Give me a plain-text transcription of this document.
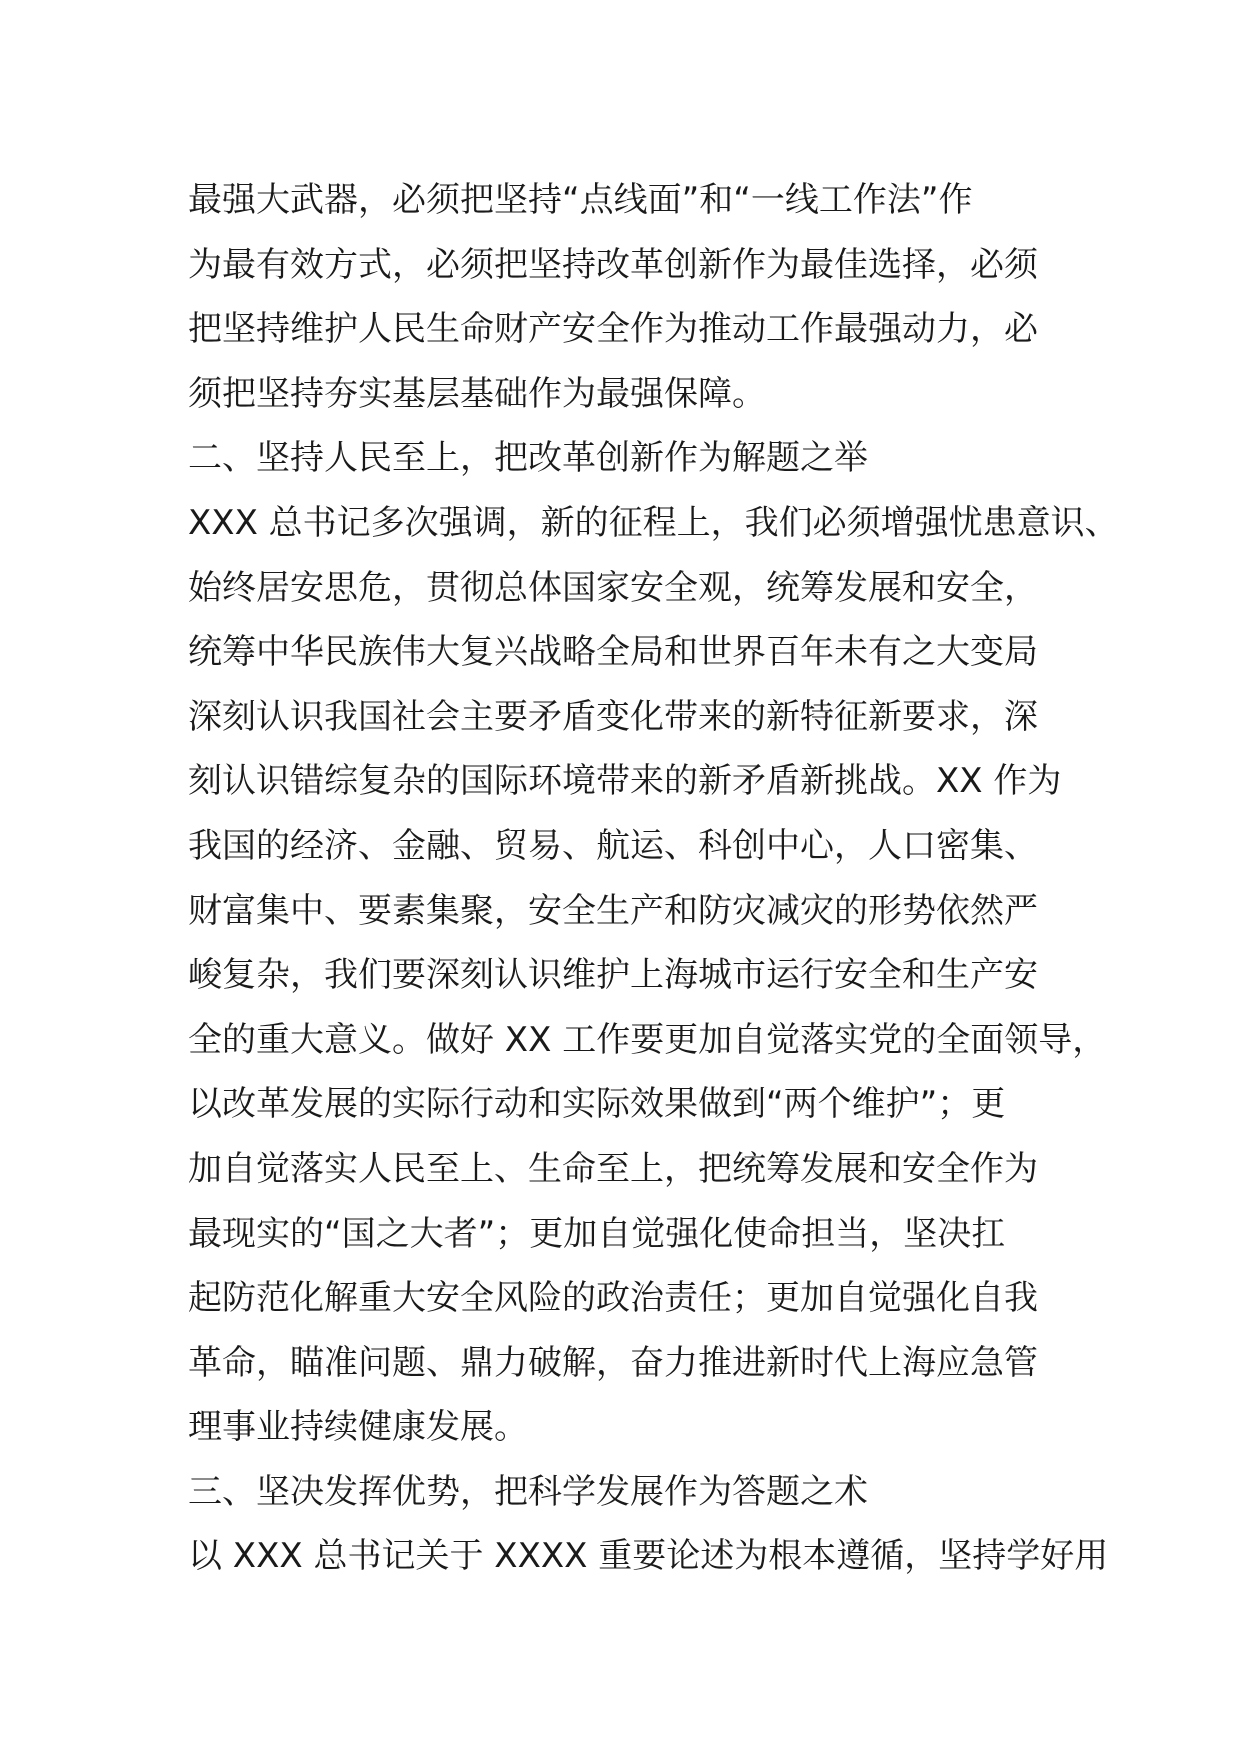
最强大武器，必须把坚持“点线面”和“一线工作法”作
为最有效方式，必须把坚持改革创新作为最佳选择，必须
把坚持维护人民生命财产安全作为推动工作最强动力，必
须把坚持夯实基层基础作为最强保障。
二、坚持人民至上，把改革创新作为解题之举
XXX 总书记多次强调，新的征程上，我们必须增强忧患意识、
始终居安思危，贯彻总体国家安全观，统筹发展和安全，
统筹中华民族伟大复兴战略全局和世界百年未有之大变局
深刻认识我国社会主要矛盾变化带来的新特征新要求，深
刻认识错综复杂的国际环境带来的新矛盾新挑战。XX 作为
我国的经济、金融、贸易、航运、科创中心，人口密集、
财富集中、要素集聚，安全生产和防灾减灾的形势依然严
峻复杂，我们要深刻认识维护上海城市运行安全和生产安
全的重大意义。做好 XX 工作要更加自觉落实党的全面领导，
以改革发展的实际行动和实际效果做到“两个维护”；更
加自觉落实人民至上、生命至上，把统筹发展和安全作为
最现实的“国之大者”；更加自觉强化使命担当，坚决扛
起防范化解重大安全风险的政治责任；更加自觉强化自我
革命，瞄准问题、鼎力破解，奋力推进新时代上海应急管
理事业持续健康发展。
三、坚决发挥优势，把科学发展作为答题之术
以 XXX 总书记关于 XXXX 重要论述为根本遵循，坚持学好用
